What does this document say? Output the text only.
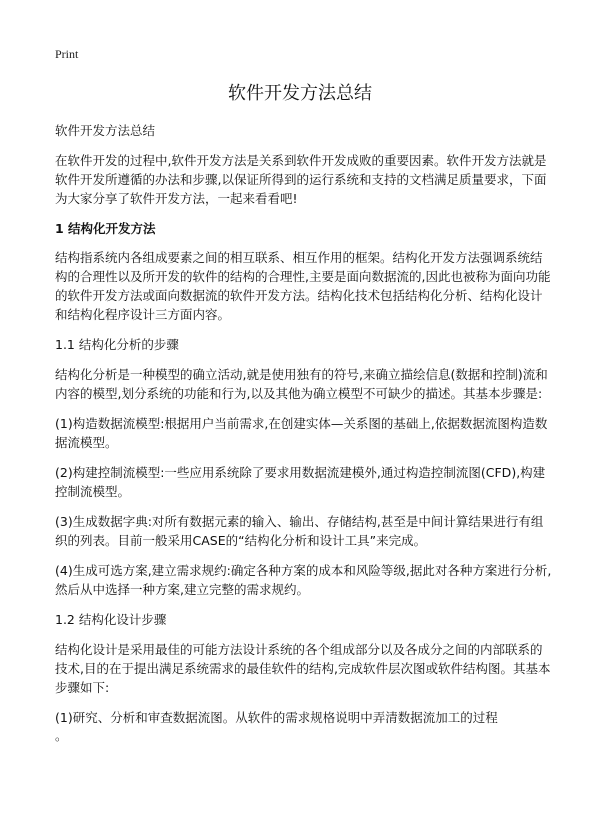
Print
软件开发方法总结

软件开发方法总结

在软件开发的过程中,软件开发方法是关系到软件开发成败的重要因素。软件开发方法就是软件开发所遵循的办法和步骤,以保证所得到的运行系统和支持的文档满足质量要求，下面为大家分享了软件开发方法，一起来看看吧!

1 结构化开发方法

结构指系统内各组成要素之间的相互联系、相互作用的框架。结构化开发方法强调系统结构的合理性以及所开发的软件的结构的合理性,主要是面向数据流的,因此也被称为面向功能的软件开发方法或面向数据流的软件开发方法。结构化技术包括结构化分析、结构化设计和结构化程序设计三方面内容。

1.1 结构化分析的步骤

结构化分析是一种模型的确立活动,就是使用独有的符号,来确立描绘信息(数据和控制)流和内容的模型,划分系统的功能和行为,以及其他为确立模型不可缺少的描述。其基本步骤是:

(1)构造数据流模型:根据用户当前需求,在创建实体—关系图的基础上,依据数据流图构造数据流模型。

(2)构建控制流模型:一些应用系统除了要求用数据流建模外,通过构造控制流图(CFD),构建控制流模型。

(3)生成数据字典:对所有数据元素的输入、输出、存储结构,甚至是中间计算结果进行有组织的列表。目前一般采用CASE的“结构化分析和设计工具”来完成。

(4)生成可选方案,建立需求规约:确定各种方案的成本和风险等级,据此对各种方案进行分析,然后从中选择一种方案,建立完整的需求规约。

1.2 结构化设计步骤

结构化设计是采用最佳的可能方法设计系统的各个组成部分以及各成分之间的内部联系的技术,目的在于提出满足系统需求的最佳软件的结构,完成软件层次图或软件结构图。其基本步骤如下:

(1)研究、分析和审查数据流图。从软件的需求规格说明中弄清数据流加工的过程

。
